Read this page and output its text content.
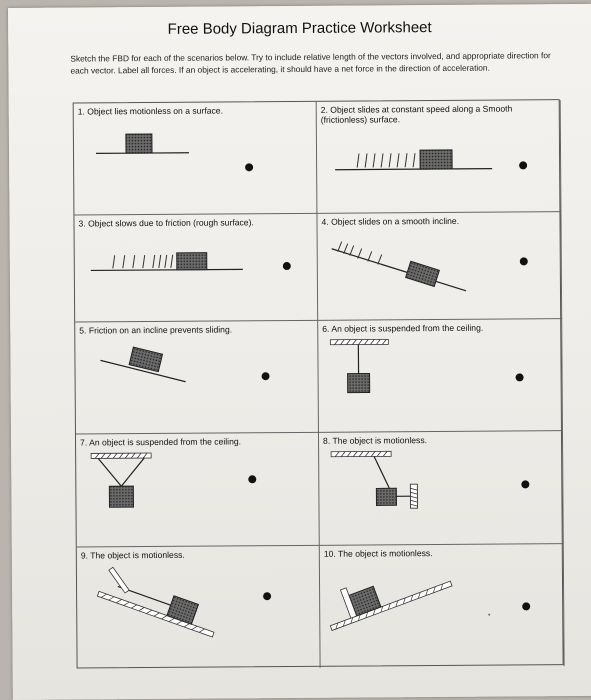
Free Body Diagram Practice Worksheet
Sketch the FBD for each of the scenarios below. Try to include relative length of the vectors involved, and appropriate direction for each vector. Label all forces. If an object is accelerating, it should have a net force in the direction of acceleration.
1. Object lies motionless on a surface.	2. Object slides at constant speed along a Smooth (frictionless) surface.
3. Object slows due to friction (rough surface).	4. Object slides on a smooth incline.
5. Friction on an incline prevents sliding.	6. An object is suspended from the ceiling.
7. An object is suspended from the ceiling.	8. The object is motionless.
9. The object is motionless.	10. The object is motionless.
